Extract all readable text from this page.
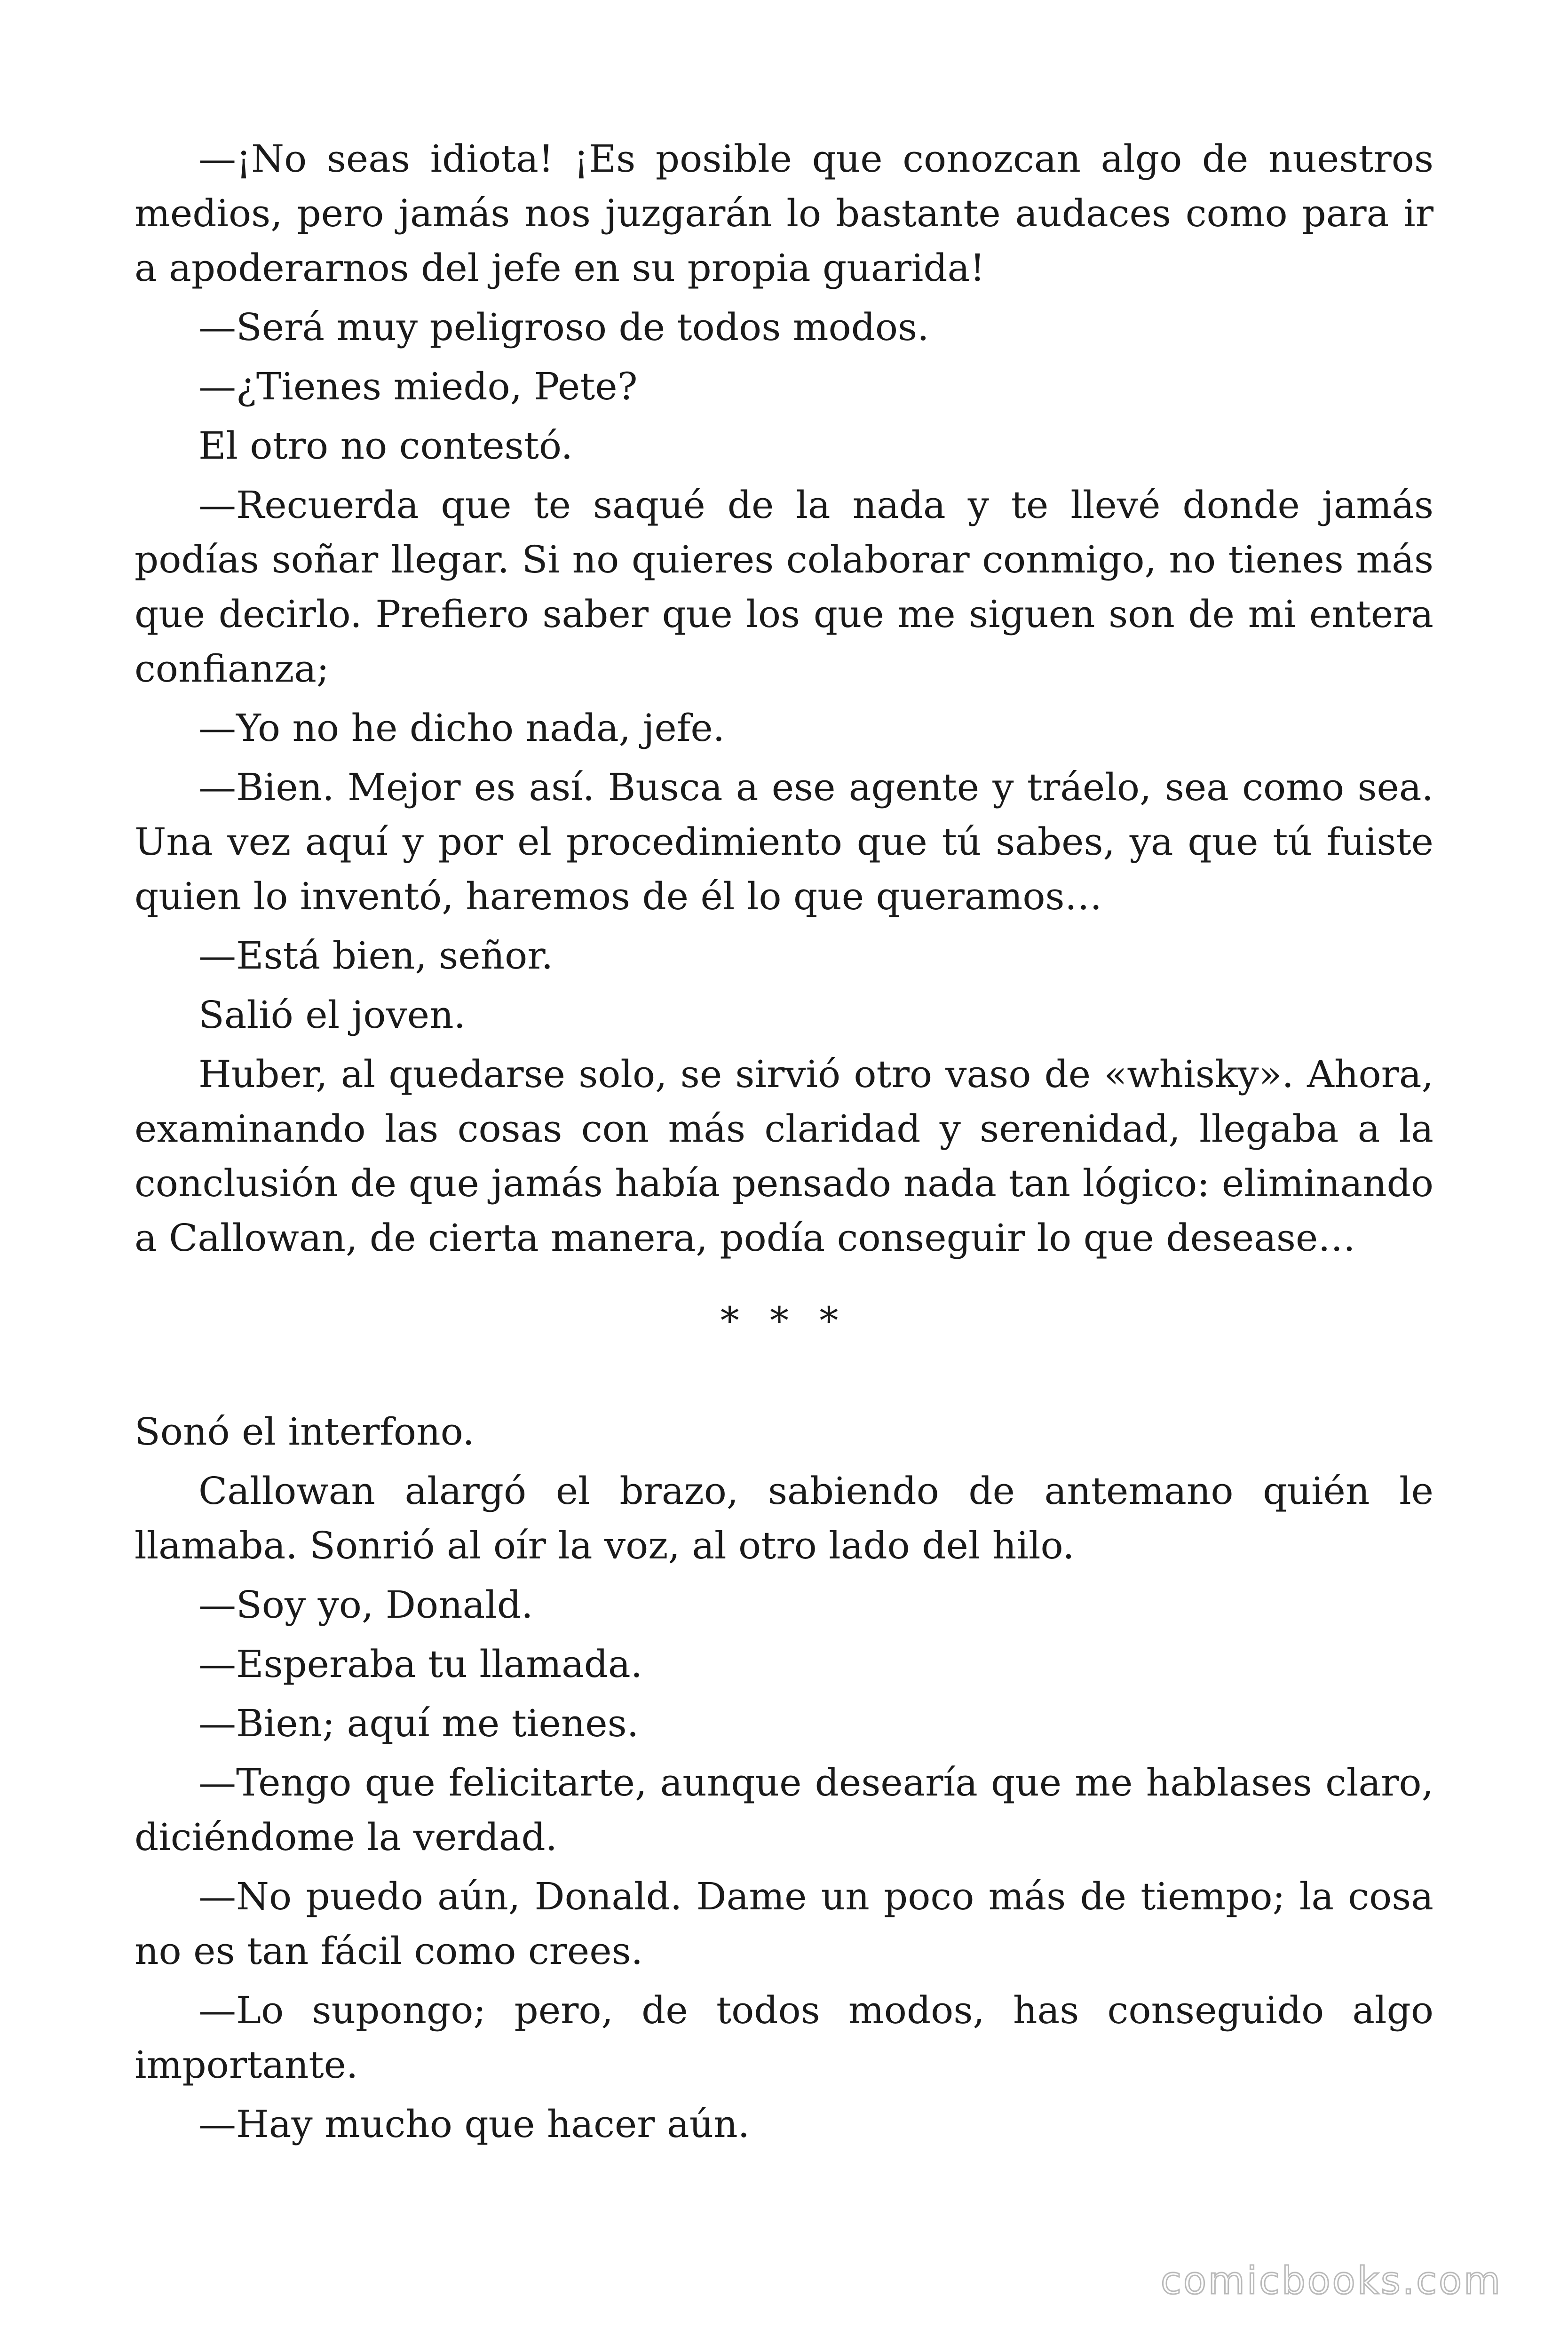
—¡No seas idiota! ¡Es posible que conozcan algo de nuestros medios, pero jamás nos juzgarán lo bastante audaces como para ir a apoderarnos del jefe en su propia guarida!

—Será muy peligroso de todos modos.

—¿Tienes miedo, Pete?

El otro no contestó.

—Recuerda que te saqué de la nada y te llevé donde jamás podías soñar llegar. Si no quieres colaborar conmigo, no tienes más que decirlo. Prefiero saber que los que me siguen son de mi entera confianza;

—Yo no he dicho nada, jefe.

—Bien. Mejor es así. Busca a ese agente y tráelo, sea como sea. Una vez aquí y por el procedimiento que tú sabes, ya que tú fuiste quien lo inventó, haremos de él lo que queramos…

—Está bien, señor.

Salió el joven.

Huber, al quedarse solo, se sirvió otro vaso de «whisky». Ahora, examinando las cosas con más claridad y serenidad, llegaba a la conclusión de que jamás había pensado nada tan lógico: eliminando a Callowan, de cierta manera, podía conseguir lo que desease…

* * *

Sonó el interfono.

Callowan alargó el brazo, sabiendo de antemano quién le llamaba. Sonrió al oír la voz, al otro lado del hilo.

—Soy yo, Donald.

—Esperaba tu llamada.

—Bien; aquí me tienes.

—Tengo que felicitarte, aunque desearía que me hablases claro, diciéndome la verdad.

—No puedo aún, Donald. Dame un poco más de tiempo; la cosa no es tan fácil como crees.

—Lo supongo; pero, de todos modos, has conseguido algo importante.

—Hay mucho que hacer aún.

comicbooks.com
